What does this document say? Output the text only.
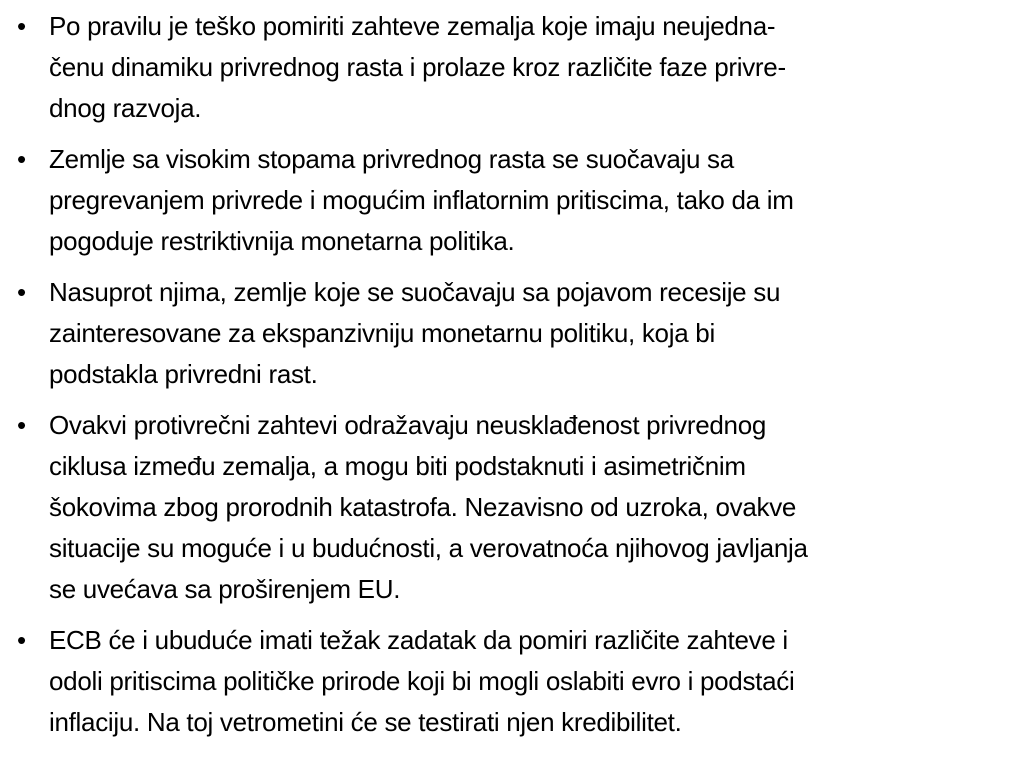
• Po pravilu je teško pomiriti zahteve zemalja koje imaju neujedna-
čenu dinamiku privrednog rasta i prolaze kroz različite faze privre-
dnog razvoja.
• Zemlje sa visokim stopama privrednog rasta se suočavaju sa
pregrevanjem privrede i mogućim inflatornim pritiscima, tako da im
pogoduje restriktivnija monetarna politika.
• Nasuprot njima, zemlje koje se suočavaju sa pojavom recesije su
zainteresovane za ekspanzivniju monetarnu politiku, koja bi
podstakla privredni rast.
• Ovakvi protivrečni zahtevi odražavaju neusklađenost privrednog
ciklusa između zemalja, a mogu biti podstaknuti i asimetričnim
šokovima zbog prorodnih katastrofa. Nezavisno od uzroka, ovakve
situacije su moguće i u budućnosti, a verovatnoća njihovog javljanja
se uvećava sa proširenjem EU.
• ECB će i ubuduće imati težak zadatak da pomiri različite zahteve i
odoli pritiscima političke prirode koji bi mogli oslabiti evro i podstaći
inflaciju. Na toj vetrometini će se testirati njen kredibilitet.
